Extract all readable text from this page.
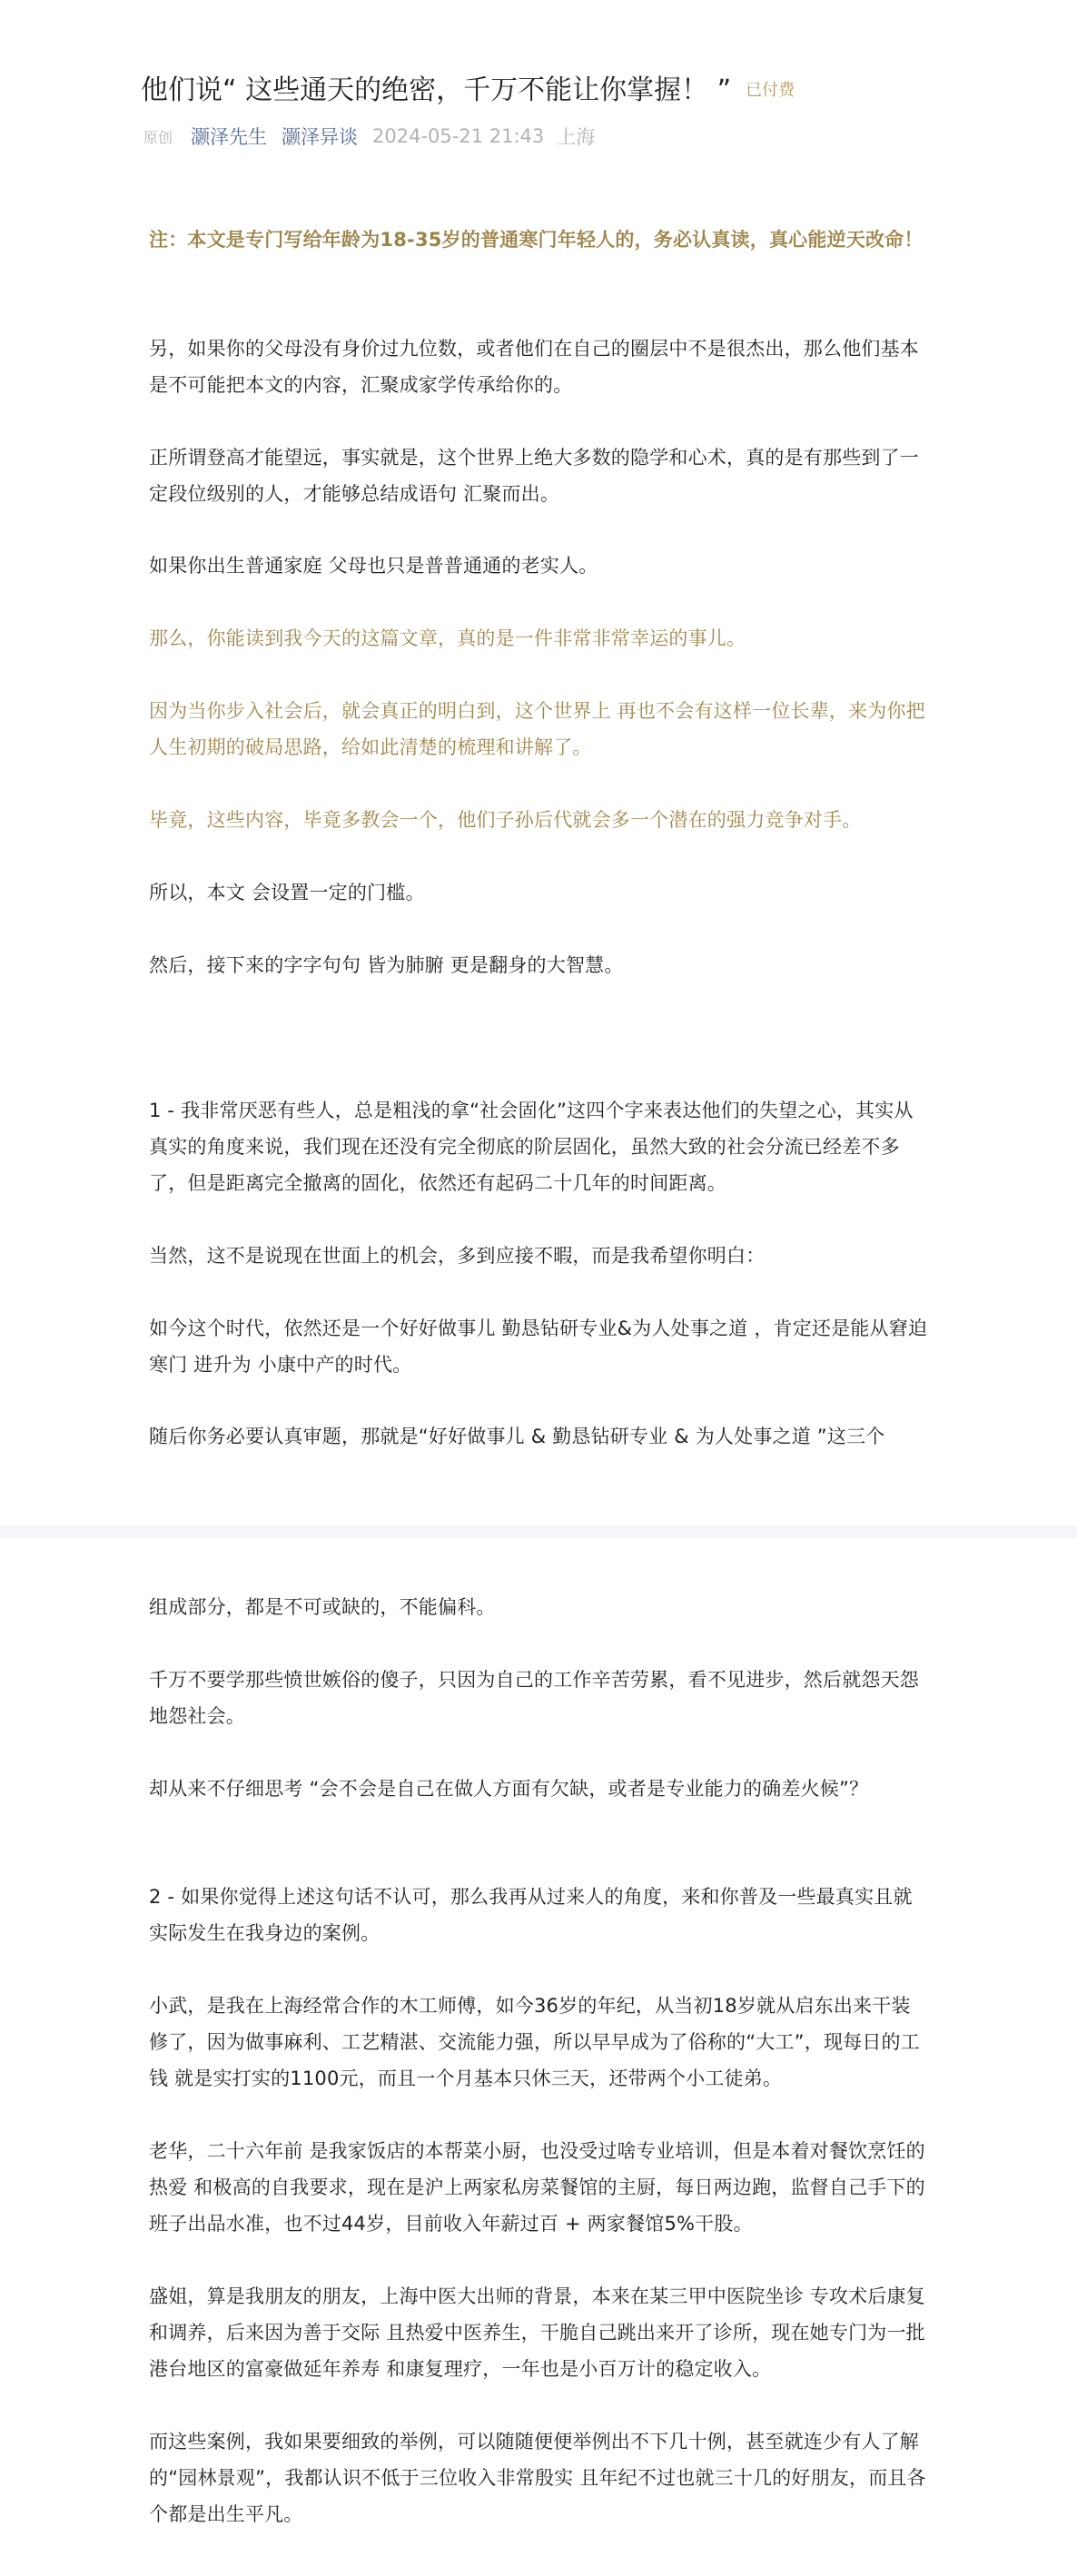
他们说“ 这些通天的绝密，千万不能让你掌握！ ” 已付费
原创 灏泽先生 灏泽异谈 2024-05-21 21:43 上海

注：本文是专门写给年龄为18-35岁的普通寒门年轻人的，务必认真读，真心能逆天改命！

另，如果你的父母没有身价过九位数，或者他们在自己的圈层中不是很杰出，那么他们基本是不可能把本文的内容，汇聚成家学传承给你的。

正所谓登高才能望远，事实就是，这个世界上绝大多数的隐学和心术，真的是有那些到了一定段位级别的人，才能够总结成语句 汇聚而出。

如果你出生普通家庭 父母也只是普普通通的老实人。

那么，你能读到我今天的这篇文章，真的是一件非常非常幸运的事儿。

因为当你步入社会后，就会真正的明白到，这个世界上 再也不会有这样一位长辈，来为你把人生初期的破局思路，给如此清楚的梳理和讲解了。

毕竟，这些内容，毕竟多教会一个，他们子孙后代就会多一个潜在的强力竞争对手。

所以，本文 会设置一定的门槛。

然后，接下来的字字句句 皆为肺腑 更是翻身的大智慧。

1 - 我非常厌恶有些人，总是粗浅的拿“社会固化”这四个字来表达他们的失望之心，其实从真实的角度来说，我们现在还没有完全彻底的阶层固化，虽然大致的社会分流已经差不多了，但是距离完全撤离的固化，依然还有起码二十几年的时间距离。

当然，这不是说现在世面上的机会，多到应接不暇，而是我希望你明白：

如今这个时代，依然还是一个好好做事儿 勤恳钻研专业&为人处事之道 ，肯定还是能从窘迫寒门 进升为 小康中产的时代。

随后你务必要认真审题，那就是“好好做事儿 & 勤恳钻研专业 & 为人处事之道 ”这三个

组成部分，都是不可或缺的，不能偏科。

千万不要学那些愤世嫉俗的傻子，只因为自己的工作辛苦劳累，看不见进步，然后就怨天怨地怨社会。

却从来不仔细思考 “会不会是自己在做人方面有欠缺，或者是专业能力的确差火候”？

2 - 如果你觉得上述这句话不认可，那么我再从过来人的角度，来和你普及一些最真实且就实际发生在我身边的案例。

小武，是我在上海经常合作的木工师傅，如今36岁的年纪，从当初18岁就从启东出来干装修了，因为做事麻利、工艺精湛、交流能力强，所以早早成为了俗称的“大工”，现每日的工钱 就是实打实的1100元，而且一个月基本只休三天，还带两个小工徒弟。

老华，二十六年前 是我家饭店的本帮菜小厨，也没受过啥专业培训，但是本着对餐饮烹饪的热爱 和极高的自我要求，现在是沪上两家私房菜餐馆的主厨，每日两边跑，监督自己手下的班子出品水准，也不过44岁，目前收入年薪过百 + 两家餐馆5%干股。

盛姐，算是我朋友的朋友，上海中医大出师的背景，本来在某三甲中医院坐诊 专攻术后康复和调养，后来因为善于交际 且热爱中医养生，干脆自己跳出来开了诊所，现在她专门为一批港台地区的富豪做延年养寿 和康复理疗，一年也是小百万计的稳定收入。

而这些案例，我如果要细致的举例，可以随随便便举例出不下几十例，甚至就连少有人了解的“园林景观”，我都认识不低于三位收入非常殷实 且年纪不过也就三十几的好朋友，而且各个都是出生平凡。
